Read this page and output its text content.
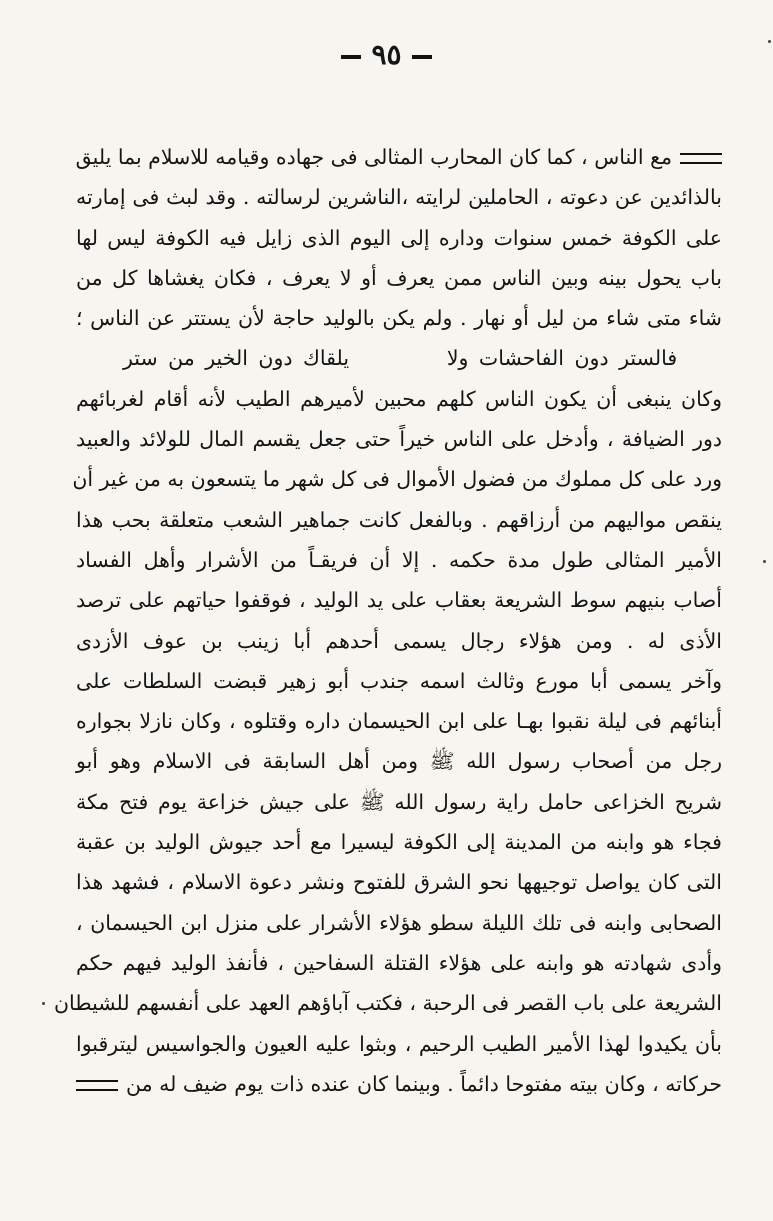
٩٥
مع الناس ، كما كان المحارب المثالى فى جهاده وقيامه للاسلام بما يليق
بالذائدين عن دعوته ، الحاملين لرايته ،الناشرين لرسالته . وقد لبث فى إمارته
على الكوفة خمس سنوات وداره إلى اليوم الذى زايل فيه الكوفة ليس لها
باب يحول بينه وبين الناس ممن يعرف أو لا يعرف ، فكان يغشاها كل من
شاء متى شاء من ليل أو نهار . ولم يكن بالوليد حاجة لأن يستتر عن الناس ؛
فالستر دون الفاحشات ولايلقاك دون الخير من ستر
وكان ينبغى أن يكون الناس كلهم محبين لأميرهم الطيب لأنه أقام لغربائهم
دور الضيافة ، وأدخل على الناس خيراً حتى جعل يقسم المال للولائد والعبيد
ورد على كل مملوك من فضول الأموال فى كل شهر ما يتسعون به من غير أن
ينقص مواليهم من أرزاقهم . وبالفعل كانت جماهير الشعب متعلقة بحب هذا
الأمير المثالى طول مدة حكمه . إلا أن فريقـاً من الأشرار وأهل الفساد
أصاب بنيهم سوط الشريعة بعقاب على يد الوليد ، فوقفوا حياتهم على ترصد
الأذى له . ومن هؤلاء رجال يسمى أحدهم أبا زينب بن عوف الأزدى
وآخر يسمى أبا مورع وثالث اسمه جندب أبو زهير قبضت السلطات على
أبنائهم فى ليلة نقبوا بهـا على ابن الحيسمان داره وقتلوه ، وكان نازلا بجواره
رجل من أصحاب رسول الله ﷺ ومن أهل السابقة فى الاسلام وهو أبو
شريح الخزاعى حامل راية رسول الله ﷺ على جيش خزاعة يوم فتح مكة
فجاء هو وابنه من المدينة إلى الكوفة ليسيرا مع أحد جيوش الوليد بن عقبة
التى كان يواصل توجيهها نحو الشرق للفتوح ونشر دعوة الاسلام ، فشهد هذا
الصحابى وابنه فى تلك الليلة سطو هؤلاء الأشرار على منزل ابن الحيسمان ،
وأدى شهادته هو وابنه على هؤلاء القتلة السفاحين ، فأنفذ الوليد فيهم حكم
الشريعة على باب القصر فى الرحبة ، فكتب آباؤهم العهد على أنفسهم للشيطان
بأن يكيدوا لهذا الأمير الطيب الرحيم ، وبثوا عليه العيون والجواسيس ليترقبوا
حركاته ، وكان بيته مفتوحا دائماً . وبينما كان عنده ذات يوم ضيف له من
